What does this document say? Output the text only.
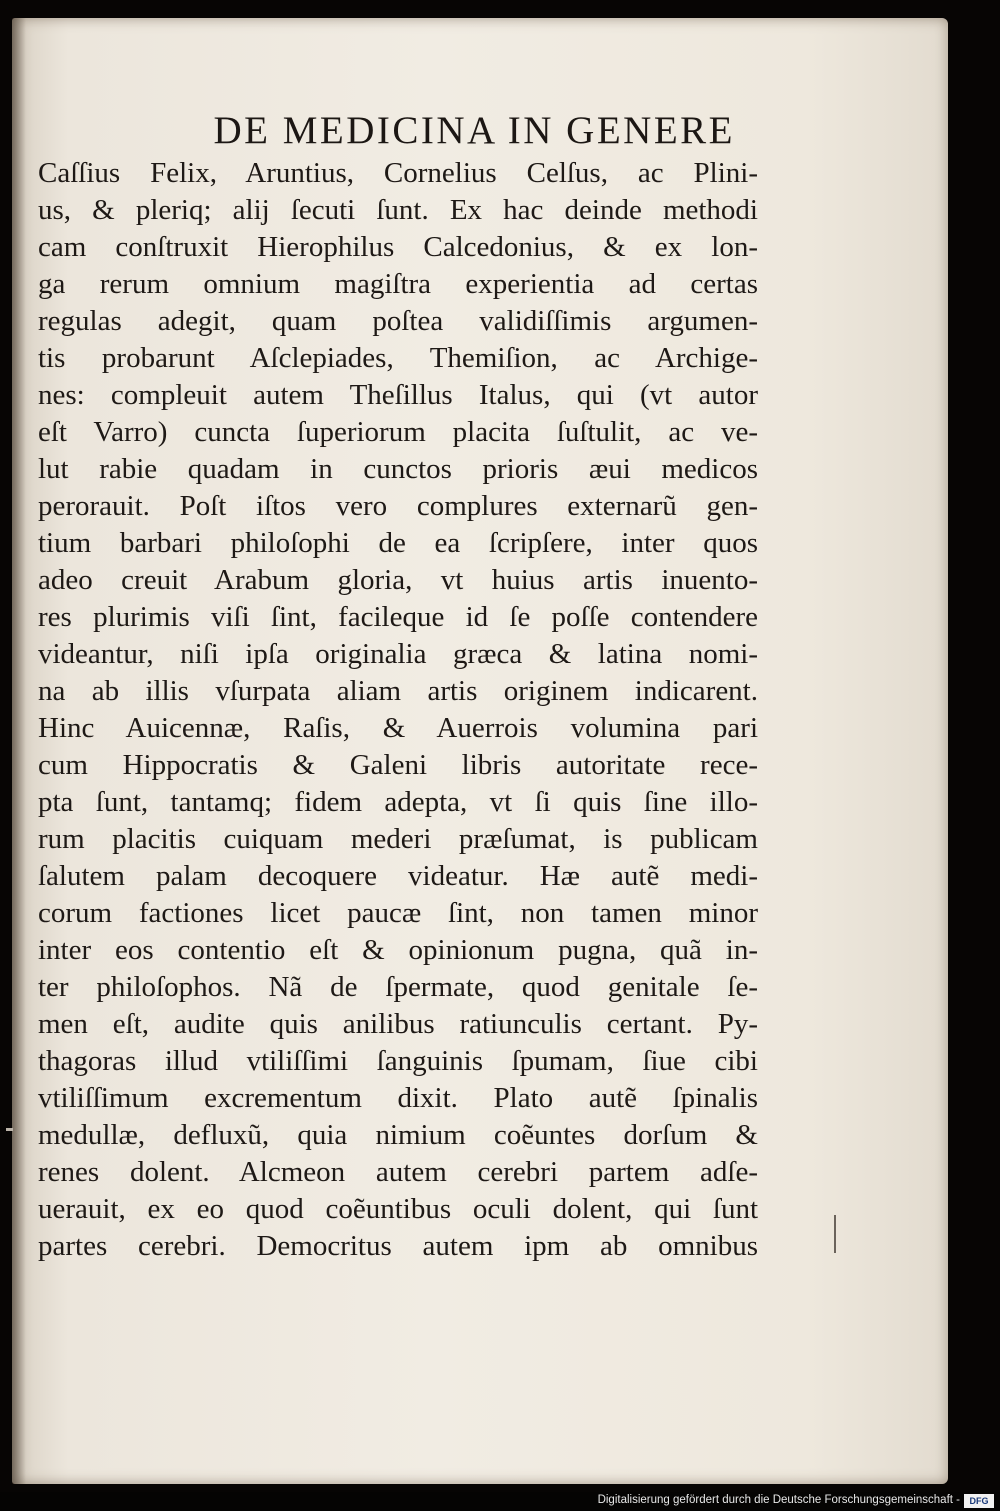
DE MEDICINA IN GENERE
Caſſius Felix, Aruntius, Cornelius Celſus, ac Plini-
us, & pleriq; alij ſecuti ſunt. Ex hac deinde methodi
cam conſtruxit Hierophilus Calcedonius, & ex lon-
ga rerum omnium magiſtra experientia ad certas
regulas adegit, quam poſtea validiſſimis argumen-
tis probarunt Aſclepiades, Themiſion, ac Archige-
nes: compleuit autem Theſillus Italus, qui (vt autor
eſt Varro) cuncta ſuperiorum placita ſuſtulit, ac ve-
lut rabie quadam in cunctos prioris æui medicos
perorauit. Poſt iſtos vero complures externarũ gen-
tium barbari philoſophi de ea ſcripſere, inter quos
adeo creuit Arabum gloria, vt huius artis inuento-
res plurimis viſi ſint, facileque id ſe poſſe contendere
videantur, niſi ipſa originalia græca & latina nomi-
na ab illis vſurpata aliam artis originem indicarent.
Hinc Auicennæ, Raſis, & Auerrois volumina pari
cum Hippocratis & Galeni libris autoritate rece-
pta ſunt, tantamq; fidem adepta, vt ſi quis ſine illo-
rum placitis cuiquam mederi præſumat, is publicam
ſalutem palam decoquere videatur. Hæ autẽ medi-
corum factiones licet paucæ ſint, non tamen minor
inter eos contentio eſt & opinionum pugna, quã in-
ter philoſophos. Nã de ſpermate, quod genitale ſe-
men eſt, audite quis anilibus ratiunculis certant. Py-
thagoras illud vtiliſſimi ſanguinis ſpumam, ſiue cibi
vtiliſſimum excrementum dixit. Plato autẽ ſpinalis
medullæ, defluxũ, quia nimium coẽuntes dorſum &
renes dolent. Alcmeon autem cerebri partem adſe-
uerauit, ex eo quod coẽuntibus oculi dolent, qui ſunt
partes cerebri. Democritus autem ipm ab omnibus
Digitalisierung gefördert durch die Deutsche Forschungsgemeinschaft -	DFG
